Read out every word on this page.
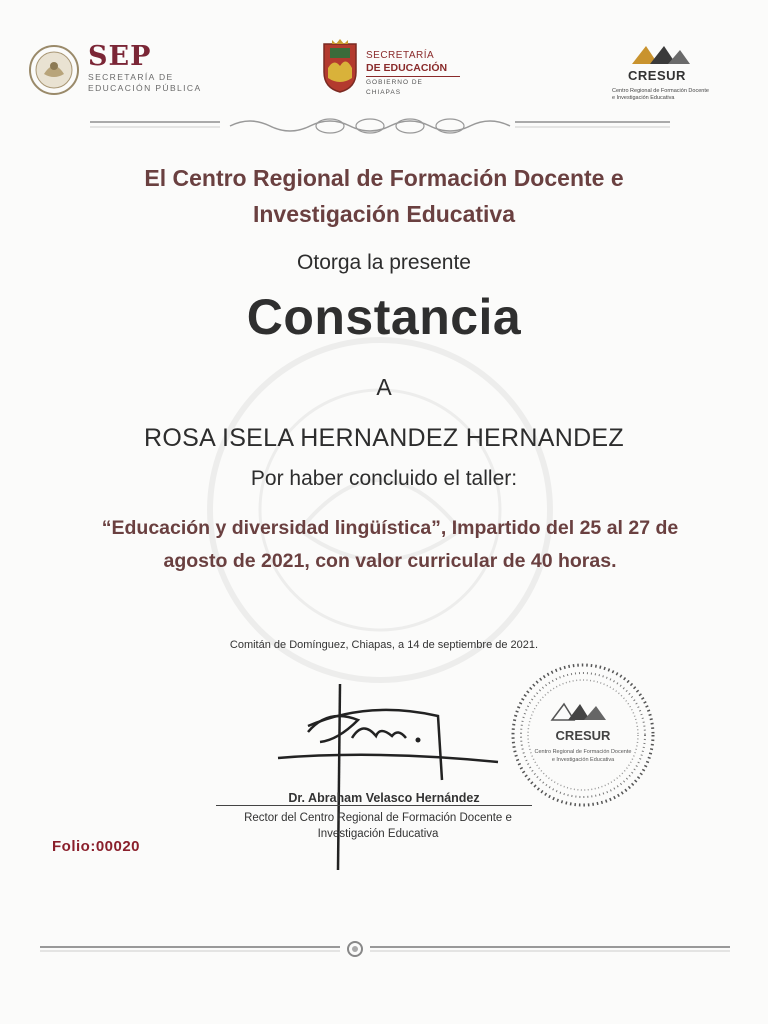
SEP
SECRETARÍA DE
EDUCACIÓN PÚBLICA
SECRETARÍA
DE EDUCACIÓN
GOBIERNO DE CHIAPAS
CRESUR
Centro Regional de Formación Docente
e Investigación Educativa
El Centro Regional de Formación Docente e
Investigación Educativa
Otorga la presente
Constancia
A
ROSA ISELA HERNANDEZ HERNANDEZ
Por haber concluido el taller:
“Educación y diversidad lingüística”, Impartido del 25 al 27 de
agosto de 2021, con valor curricular de 40 horas.
Comitán de Domínguez, Chiapas, a 14 de septiembre de 2021.
CRESUR
Centro Regional de Formación Docente
e Investigación Educativa
Dr. Abraham Velasco Hernández
Rector del Centro Regional de Formación Docente e
Investigación Educativa
Folio:00020
